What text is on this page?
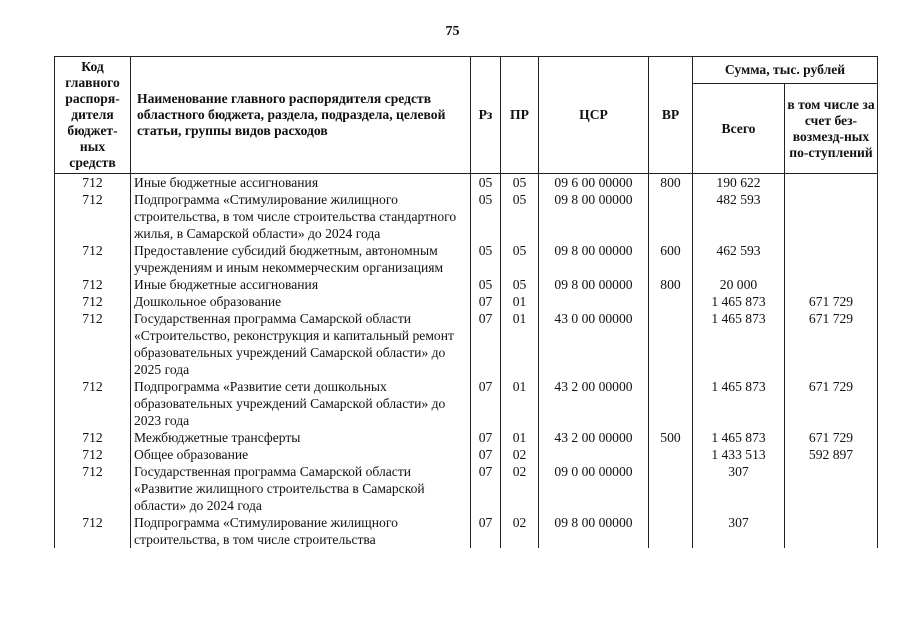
75
Код главного распоря-дителя бюджет-ных средств	Наименование главного распорядителя средств областного бюджета, раздела, подраздела, целевой статьи, группы видов расходов	Рз	ПР	ЦСР	ВР	Сумма, тыс. рублей	
						Всего	в том числе за счет без-возмезд-ных по-ступлений
712	Иные бюджетные ассигнования	05	05	09 6 00 00000	800	190 622	
712	Подпрограмма «Стимулирование жилищного строительства, в том числе строительства стандартного жилья, в Самарской области» до 2024 года	05	05	09 8 00 00000		482 593	
712	Предоставление субсидий бюджетным, автономным учреждениям и иным некоммерческим организациям	05	05	09 8 00 00000	600	462 593	
712	Иные бюджетные ассигнования	05	05	09 8 00 00000	800	20 000	
712	Дошкольное образование	07	01			1 465 873	671 729
712	Государственная программа Самарской области «Строительство, реконструкция и капитальный ремонт образовательных учреждений Самарской области» до 2025 года	07	01	43 0 00 00000		1 465 873	671 729
712	Подпрограмма «Развитие сети дошкольных образовательных учреждений Самарской области» до 2023 года	07	01	43 2 00 00000		1 465 873	671 729
712	Межбюджетные трансферты	07	01	43 2 00 00000	500	1 465 873	671 729
712	Общее образование	07	02			1 433 513	592 897
712	Государственная программа Самарской области «Развитие жилищного строительства в Самарской области» до 2024 года	07	02	09 0 00 00000		307	
712	Подпрограмма «Стимулирование жилищного строительства, в том числе строительства	07	02	09 8 00 00000		307	
